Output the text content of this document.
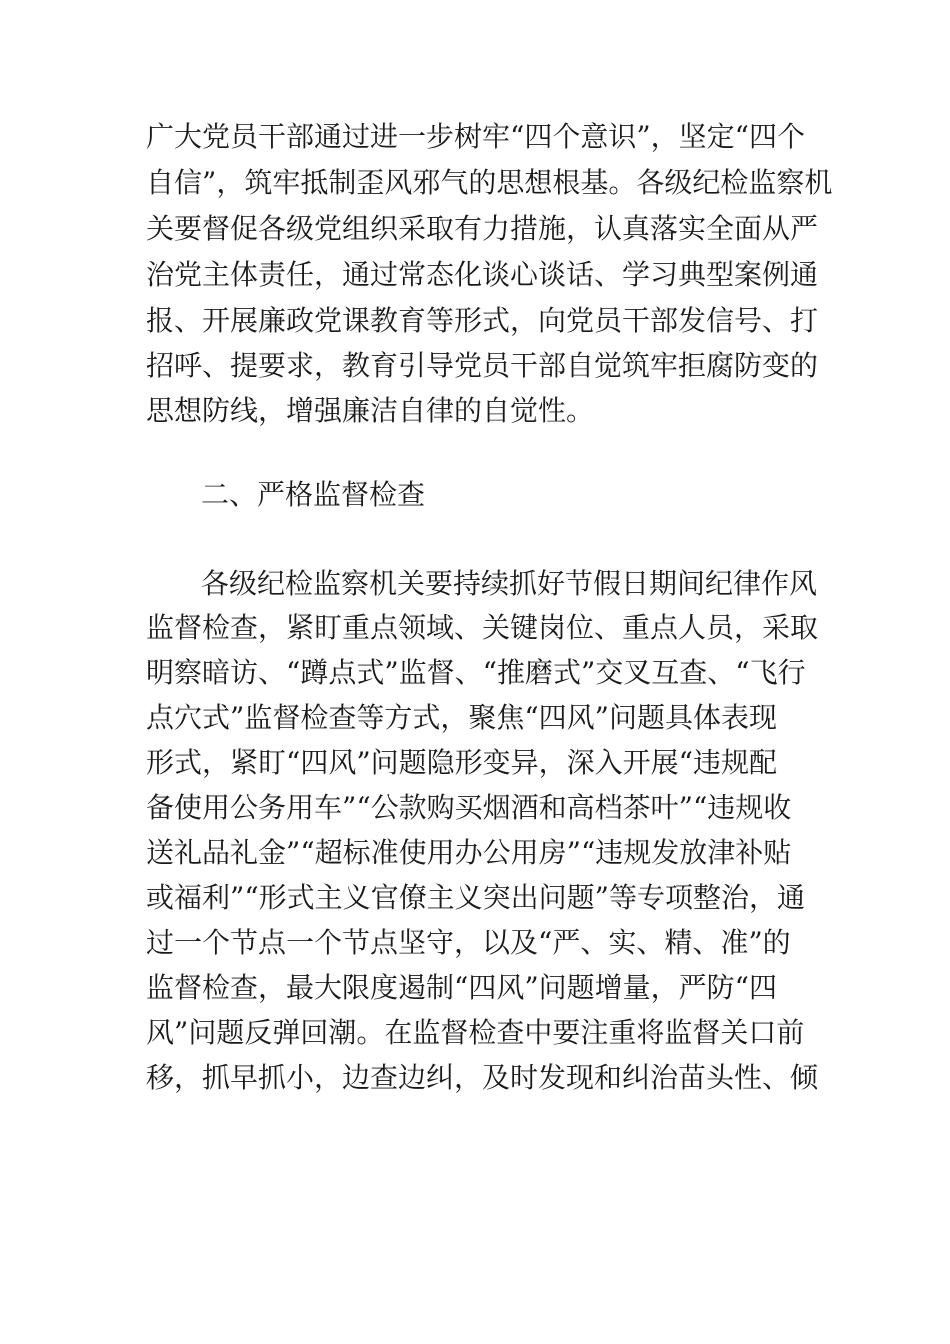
广大党员干部通过进一步树牢“四个意识”，坚定“四个

自信”，筑牢抵制歪风邪气的思想根基。各级纪检监察机

关要督促各级党组织采取有力措施，认真落实全面从严

治党主体责任，通过常态化谈心谈话、学习典型案例通

报、开展廉政党课教育等形式，向党员干部发信号、打

招呼、提要求，教育引导党员干部自觉筑牢拒腐防变的

思想防线，增强廉洁自律的自觉性。

二、严格监督检查

各级纪检监察机关要持续抓好节假日期间纪律作风

监督检查，紧盯重点领域、关键岗位、重点人员，采取

明察暗访、“蹲点式”监督、“推磨式”交叉互查、“飞行

点穴式”监督检查等方式，聚焦“四风”问题具体表现

形式，紧盯“四风”问题隐形变异，深入开展“违规配

备使用公务用车”“公款购买烟酒和高档茶叶”“违规收

送礼品礼金”“超标准使用办公用房”“违规发放津补贴

或福利”“形式主义官僚主义突出问题”等专项整治，通

过一个节点一个节点坚守，以及“严、实、精、准”的

监督检查，最大限度遏制“四风”问题增量，严防“四

风”问题反弹回潮。在监督检查中要注重将监督关口前

移，抓早抓小，边查边纠，及时发现和纠治苗头性、倾
